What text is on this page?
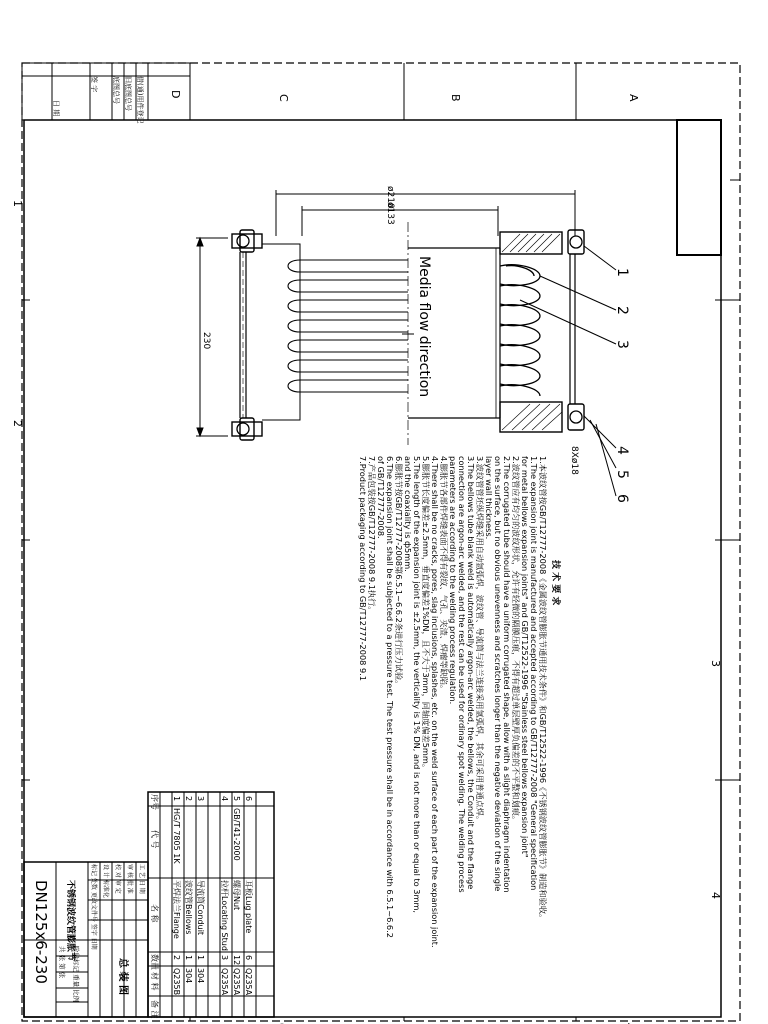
A
B
C
D
1
2
3
4
日 期
签 字 底图总号 旧底图总号 借(通)用件登记
ø210
ø133
230
8Xø18
Media flow direction	1
2
3
4
5
6
技 术 要 求
1.本波纹管按GB/T12777-2008《金属波纹管膨胀节通用技术条件》和GB/T12522-1996《不锈钢波纹管膨胀节》制造和验收。
1.The expansion joint is manufactured and accepted according to GB/T12777-2008 "General specification
for metal bellows expansion joints" and GB/T12522-1996 "Stainless steel bellows expansion joint"
2.波纹管应有均匀的波纹形状，允许有轻微的隔膜压痕，不得有超过单层壁厚负偏差的不平整和划痕。
2.The corrugated tube should have a uniform corrugated shape, allow with a slight diaphragm indentation
on the surface, but no obvious unevenness and scratches longer than the negative deviation of the single
layer wall thickness.
3.波纹管管坯纵焊缝采用自动氩弧焊，波纹管、导流筒与法兰连接采用氩弧焊，其余可采用普通点焊。
3.The bellows tube blank weld is automatically argon-arc welded, the bellows, the Conduit and the flange
connection are argon-arc welded, and the rest can be used for ordinary spot welding. The welding process
parameters are according to the welding process regulation.
4.膨胀节各部件焊缝表面不得有裂纹、气孔、夹渣、焊瘤等缺陷。
4.There shall be no cracks, pores, slag inclusions, splashes, etc. on the weld surface of each part of the expansion joint.
5.膨胀节长度偏差±2.5mm，垂直度偏差1%DN，且不大于3mm，同轴度偏差5mm。
5.The length of the expansion joint is ±2.5mm, the verticality is 1% DN, and is not more than or equal to 3mm,
and the coaxiality is ф5mm.
6.膨胀节按GB/T12777-2008第6.5.1~6.6.2条进行压力试验。
6.The expansion joint shall be subjected to a pressure test. The test pressure shall be in accordance with 6.5.1~6.6.2
of GB/T12777-2008.
7.产品包装按GB/T12777-2008 9.1执行。
7.Product packaging according to GB/T12777-2008 9.1
序号
代 号
名 称
数量
材 料
备 注
1
HG/T 7805 1K
平焊法兰Flange
2
Q235B
2
波纹管Bellows
1
304
3
导流筒Conduit
1
304
4
拉杆Locating Stud
3
Q235A
5
GB/T41-2000
螺母Nut
12
Q235A
6
耳板Lug plate
6
Q235A
DN125x6-230 不锈钢波纹管膨胀节
总 装 图
阶段标记 重量 比例
共 张 第 张
标记 处数 更改文件号 签字 日期 设 计 标准化 校 对 审 定 审 核 批 准 工 艺 日 期
